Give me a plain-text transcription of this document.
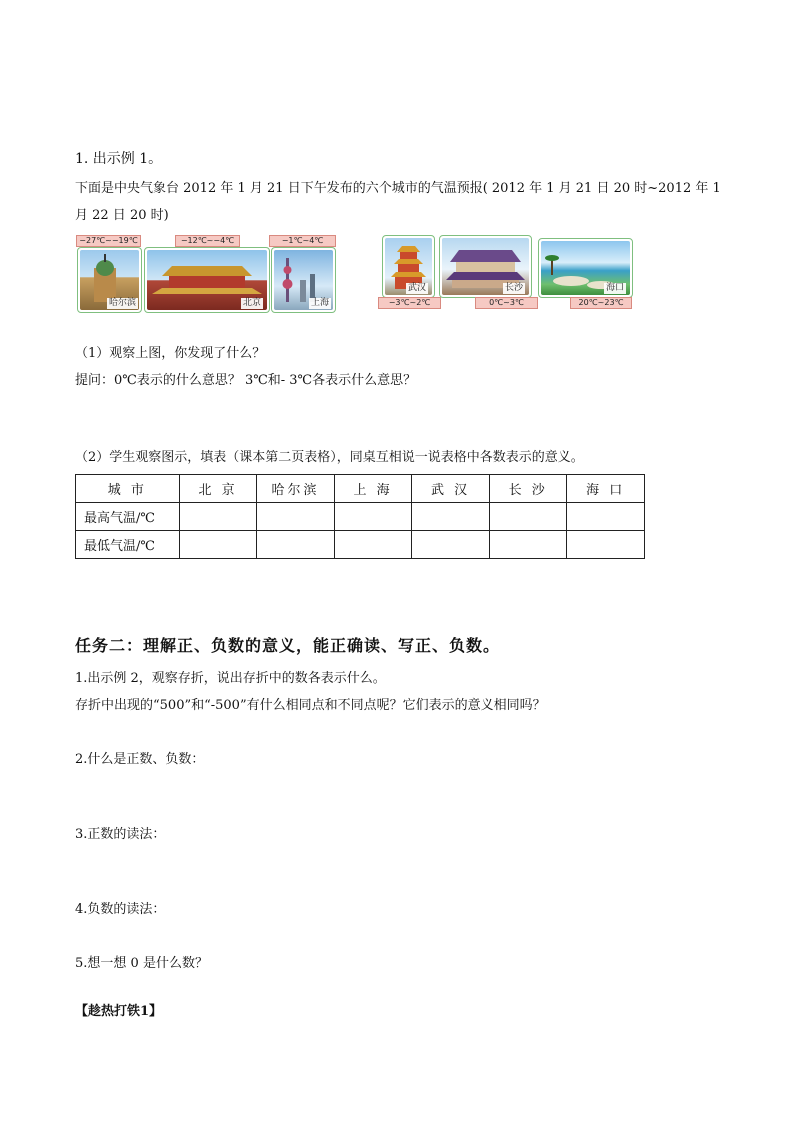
1. 出示例 1。
下面是中央气象台 2012 年 1 月 21 日下午发布的六个城市的气温预报( 2012 年 1 月 21 日 20 时~2012 年 1
月 22 日 20 时)
−27℃~−19℃
哈尔滨
−12℃~−4℃
北京
−1℃~4℃
上海
武汉
−3℃~2℃
长沙
0℃~3℃
海口
20℃~23℃
（1）观察上图，你发现了什么？
提问：0℃表示的什么意思？ 3℃和- 3℃各表示什么意思？
（2）学生观察图示，填表（课本第二页表格），同桌互相说一说表格中各数表示的意义。
城 市	北 京	哈尔滨	上 海	武 汉	长 沙	海 口
最高气温/℃						
最低气温/℃						
任务二：理解正、负数的意义，能正确读、写正、负数。
1.出示例 2，观察存折，说出存折中的数各表示什么。
存折中出现的“500”和“-500”有什么相同点和不同点呢？它们表示的意义相同吗？
2.什么是正数、负数：
3.正数的读法：
4.负数的读法：
5.想一想 0 是什么数？
【趁热打铁1】
